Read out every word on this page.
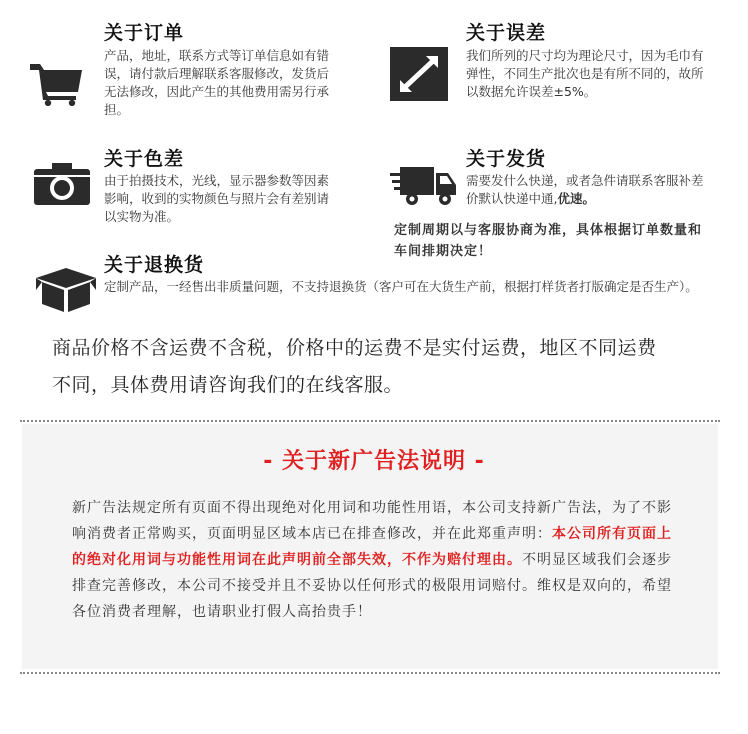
关于订单
产品，地址，联系方式等订单信息如有错误，请付款后理解联系客服修改，发货后无法修改，因此产生的其他费用需另行承担。
关于误差
我们所列的尺寸均为理论尺寸，因为毛巾有弹性，不同生产批次也是有所不同的，故所以数据允许误差±5%。
关于色差
由于拍摄技术，光线，显示器参数等因素影响，收到的实物颜色与照片会有差别请以实物为准。
关于发货
需要发什么快递，或者急件请联系客服补差价默认快递中通,优速。
定制周期以与客服协商为准，具体根据订单数量和车间排期决定！
关于退换货
定制产品，一经售出非质量问题，不支持退换货（客户可在大货生产前，根据打样货者打版确定是否生产）。
商品价格不含运费不含税，价格中的运费不是实付运费，地区不同运费不同，具体费用请咨询我们的在线客服。
- 关于新广告法说明 -
新广告法规定所有页面不得出现绝对化用词和功能性用语，本公司支持新广告法，为了不影响消费者正常购买，页面明显区域本店已在排查修改，并在此郑重声明：本公司所有页面上的绝对化用词与功能性用词在此声明前全部失效，不作为赔付理由。不明显区域我们会逐步排查完善修改，本公司不接受并且不妥协以任何形式的极限用词赔付。维权是双向的，希望各位消费者理解，也请职业打假人高抬贵手！
